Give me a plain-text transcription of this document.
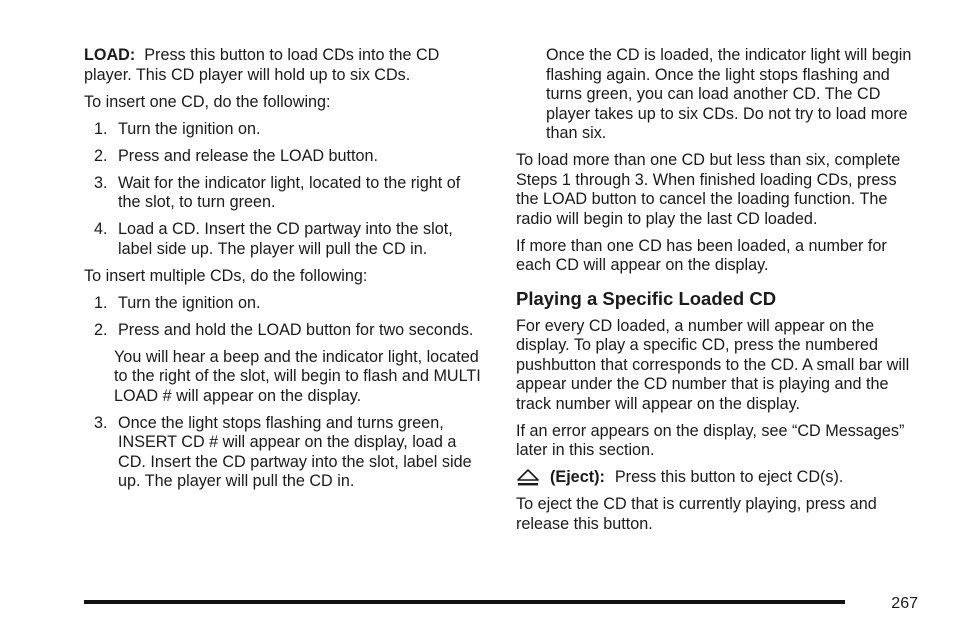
LOAD: Press this button to load CDs into the CD player. This CD player will hold up to six CDs.

To insert one CD, do the following:

1. Turn the ignition on.
2. Press and release the LOAD button.
3. Wait for the indicator light, located to the right of the slot, to turn green.
4. Load a CD. Insert the CD partway into the slot, label side up. The player will pull the CD in.

To insert multiple CDs, do the following:

1. Turn the ignition on.
2. Press and hold the LOAD button for two seconds.

You will hear a beep and the indicator light, located to the right of the slot, will begin to flash and MULTI LOAD # will appear on the display.

3. Once the light stops flashing and turns green, INSERT CD # will appear on the display, load a CD. Insert the CD partway into the slot, label side up. The player will pull the CD in.

Once the CD is loaded, the indicator light will begin flashing again. Once the light stops flashing and turns green, you can load another CD. The CD player takes up to six CDs. Do not try to load more than six.

To load more than one CD but less than six, complete Steps 1 through 3. When finished loading CDs, press the LOAD button to cancel the loading function. The radio will begin to play the last CD loaded.

If more than one CD has been loaded, a number for each CD will appear on the display.

Playing a Specific Loaded CD

For every CD loaded, a number will appear on the display. To play a specific CD, press the numbered pushbutton that corresponds to the CD. A small bar will appear under the CD number that is playing and the track number will appear on the display.

If an error appears on the display, see “CD Messages” later in this section.

(Eject): Press this button to eject CD(s).

To eject the CD that is currently playing, press and release this button.

267
